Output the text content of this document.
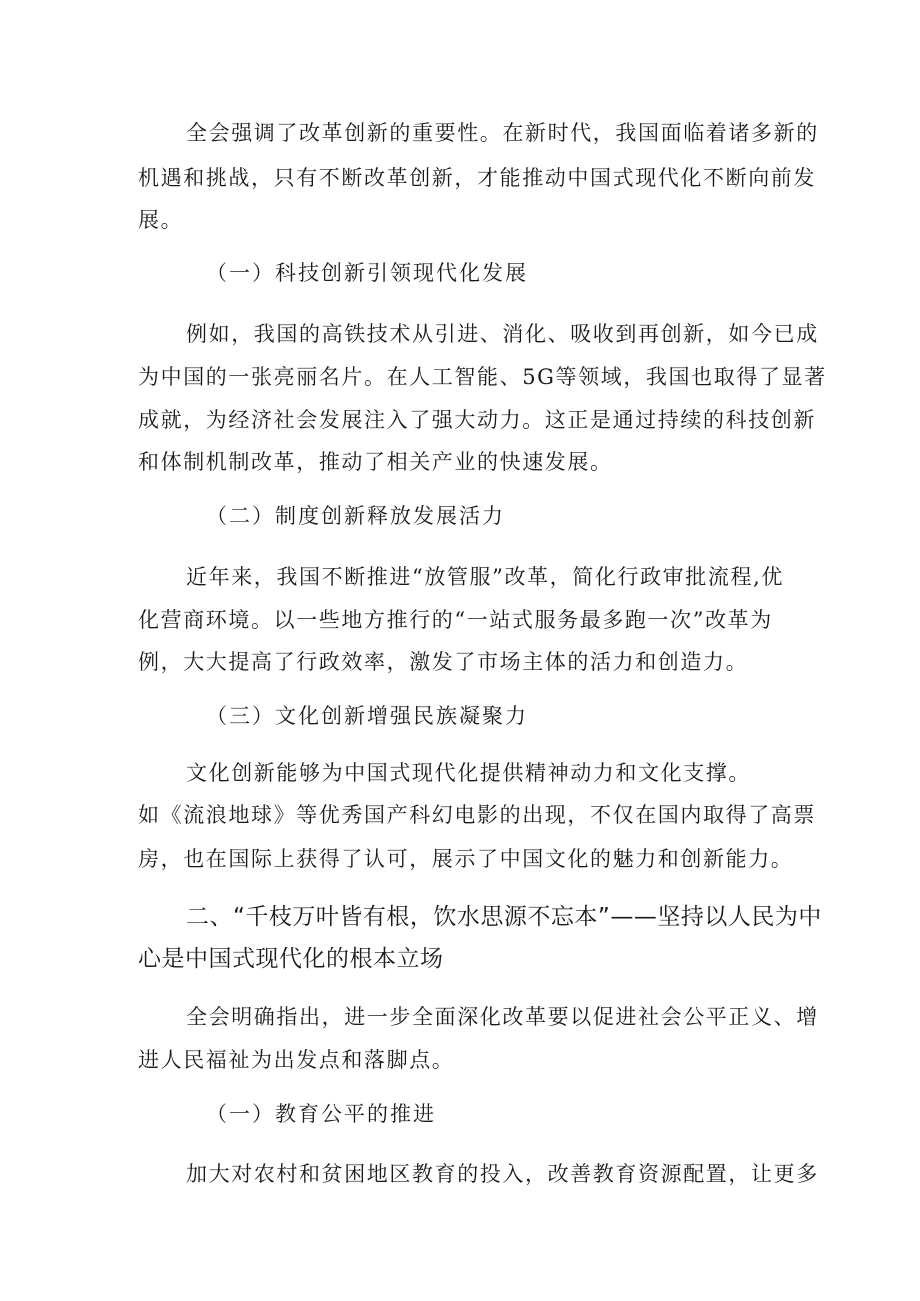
全会强调了改革创新的重要性。在新时代，我国面临着诸多新的
机遇和挑战，只有不断改革创新，才能推动中国式现代化不断向前发
展。
（一）科技创新引领现代化发展
例如，我国的高铁技术从引进、消化、吸收到再创新，如今已成
为中国的一张亮丽名片。在人工智能、5G等领域，我国也取得了显著
成就，为经济社会发展注入了强大动力。这正是通过持续的科技创新
和体制机制改革，推动了相关产业的快速发展。
（二）制度创新释放发展活力
近年来，我国不断推进“放管服”改革，简化行政审批流程,优
化营商环境。以一些地方推行的“一站式服务最多跑一次”改革为
例，大大提高了行政效率，激发了市场主体的活力和创造力。
（三）文化创新增强民族凝聚力
文化创新能够为中国式现代化提供精神动力和文化支撑。
如《流浪地球》等优秀国产科幻电影的出现，不仅在国内取得了高票
房，也在国际上获得了认可，展示了中国文化的魅力和创新能力。
二、“千枝万叶皆有根，饮水思源不忘本”——坚持以人民为中
心是中国式现代化的根本立场
全会明确指出，进一步全面深化改革要以促进社会公平正义、增
进人民福祉为出发点和落脚点。
（一）教育公平的推进
加大对农村和贫困地区教育的投入，改善教育资源配置，让更多
